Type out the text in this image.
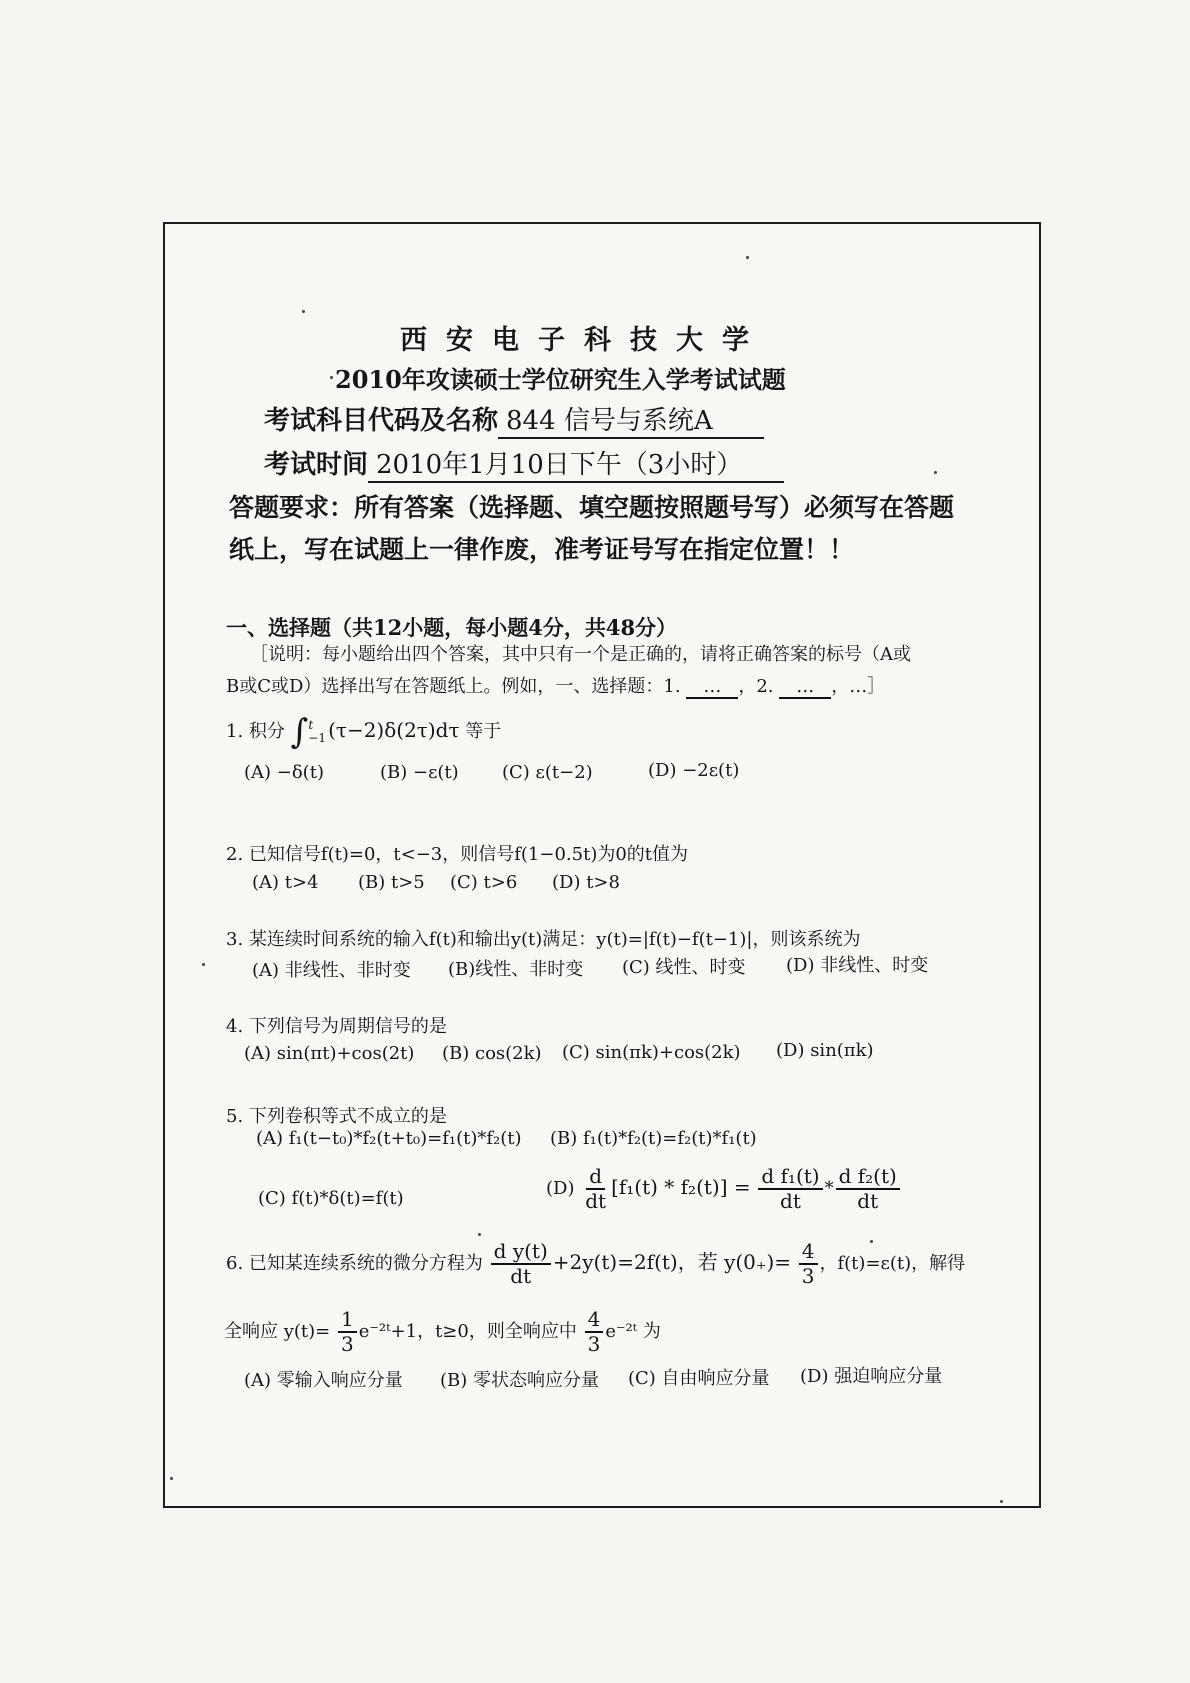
西安电子科技大学
2010年攻读硕士学位研究生入学考试试题
考试科目代码及名称 844 信号与系统A
考试时间 2010年1月10日下午（3小时）
答题要求：所有答案（选择题、填空题按照题号写）必须写在答题
纸上，写在试题上一律作废，准考证号写在指定位置！！
一、选择题（共12小题，每小题4分，共48分）
［说明：每小题给出四个答案，其中只有一个是正确的，请将正确答案的标号（A或
B或C或D）选择出写在答题纸上。例如，一、选择题：1. … ，2. … ，…］
1. 积分 ∫ t
−1 (τ−2)δ(2τ)dτ 等于
(A) −δ(t)	(B) −ε(t) (C) ε(t−2)	(D) −2ε(t)
2. 已知信号f(t)=0，t<−3，则信号f(1−0.5t)为0的t值为
(A) t>4 (B) t>5 (C) t>6 (D) t>8
3. 某连续时间系统的输入f(t)和输出y(t)满足：y(t)=|f(t)−f(t−1)|，则该系统为
(A) 非线性、非时变 (B)线性、非时变 (C) 线性、时变 (D) 非线性、时变
4. 下列信号为周期信号的是
(A) sin(πt)+cos(2t) (B) cos(2k) (C) sin(πk)+cos(2k) (D) sin(πk)
5. 下列卷积等式不成立的是
(A) f₁(t−t₀)*f₂(t+t₀)=f₁(t)*f₂(t) (B) f₁(t)*f₂(t)=f₂(t)*f₁(t)
(C) f(t)*δ(t)=f(t)	$(D) \frac{d}{dt} [f_1(t) * f_2(t)] = \frac{\text{d f₁(t)}}{dt} * \frac{\text{d f₂(t)}}{dt}$
6. 已知某连续系统的微分方程为 $\frac{\text{d y(t)}}{dt} +2y(t)=2f(t)$，若 $y(0_+)= \frac{4}{3}$ ，f(t)=ε(t)，解得
全响应 $y(t)= \frac{1}{3}$ e⁻²ᵗ+1，t≥0，则全响应中 $\frac{4}{3}$ e⁻²ᵗ 为
(A) 零输入响应分量 (B) 零状态响应分量 (C) 自由响应分量 (D) 强迫响应分量
